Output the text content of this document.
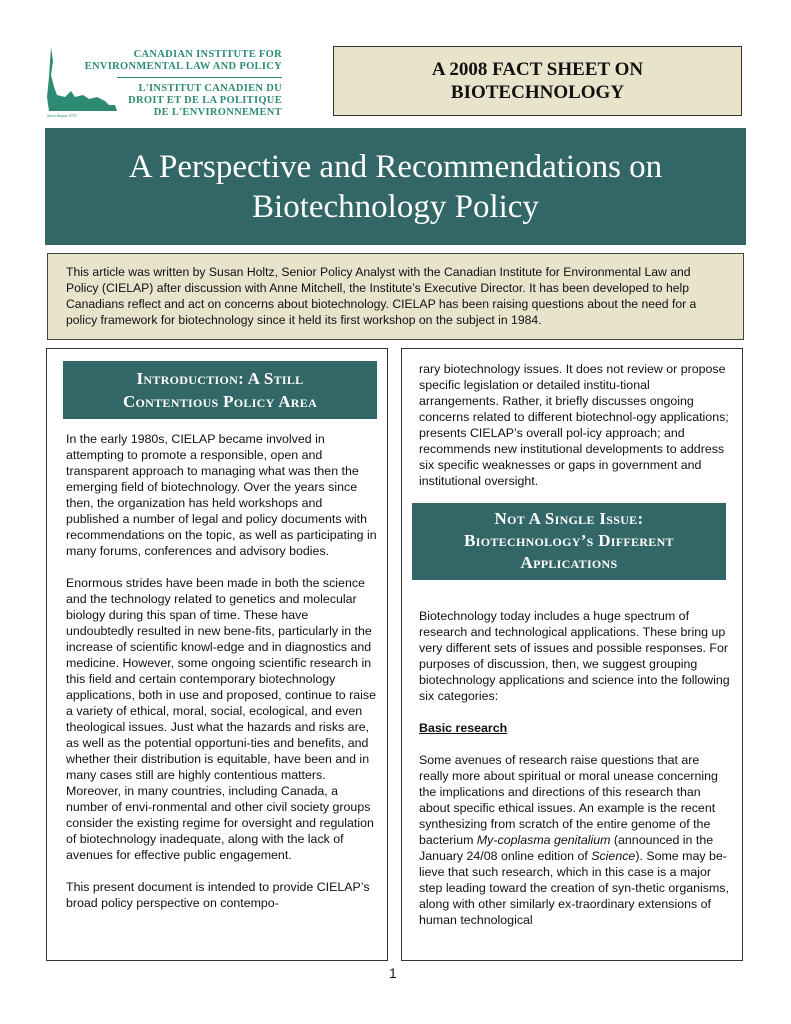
CANADIAN INSTITUTE FOR
ENVIRONMENTAL LAW AND POLICY
L'INSTITUT CANADIEN DU
DROIT ET DE LA POLITIQUE
DE L'ENVIRONNEMENT
Since/depuis 1970
A 2008 FACT SHEET ON
BIOTECHNOLOGY
A Perspective and Recommendations on
Biotechnology Policy
This article was written by Susan Holtz, Senior Policy Analyst with the Canadian Institute for Environmental Law and Policy (CIELAP) after discussion with Anne Mitchell, the Institute’s Executive Director. It has been developed to help Canadians reflect and act on concerns about biotechnology. CIELAP has been raising questions about the need for a policy framework for biotechnology since it held its first workshop on the subject in 1984.
Introduction: A Still
Contentious Policy Area

In the early 1980s, CIELAP became involved in attempting to promote a responsible, open and transparent approach to managing what was then the emerging field of biotechnology. Over the years since then, the organization has held workshops and published a number of legal and policy documents with recommendations on the topic, as well as participating in many forums, conferences and advisory bodies.

Enormous strides have been made in both the science and the technology related to genetics and molecular biology during this span of time. These have undoubtedly resulted in new bene-fits, particularly in the increase of scientific knowl-edge and in diagnostics and medicine. However, some ongoing scientific research in this field and certain contemporary biotechnology applications, both in use and proposed, continue to raise a variety of ethical, moral, social, ecological, and even theological issues. Just what the hazards and risks are, as well as the potential opportuni-ties and benefits, and whether their distribution is equitable, have been and in many cases still are highly contentious matters. Moreover, in many countries, including Canada, a number of envi-ronmental and other civil society groups consider the existing regime for oversight and regulation of biotechnology inadequate, along with the lack of avenues for effective public engagement.

This present document is intended to provide CIELAP’s broad policy perspective on contempo-

rary biotechnology issues. It does not review or propose specific legislation or detailed institu-tional arrangements. Rather, it briefly discusses ongoing concerns related to different biotechnol-ogy applications; presents CIELAP’s overall pol-icy approach; and recommends new institutional developments to address six specific weaknesses or gaps in government and institutional oversight.

Not A Single Issue:
Biotechnology’s Different
Applications

Biotechnology today includes a huge spectrum of research and technological applications. These bring up very different sets of issues and possible responses. For purposes of discussion, then, we suggest grouping biotechnology applications and science into the following six categories:

Basic research

Some avenues of research raise questions that are really more about spiritual or moral unease concerning the implications and directions of this research than about specific ethical issues. An example is the recent synthesizing from scratch of the entire genome of the bacterium My-coplasma genitalium (announced in the January 24/08 online edition of Science). Some may be-lieve that such research, which in this case is a major step leading toward the creation of syn-thetic organisms, along with other similarly ex-traordinary extensions of human technological

1
